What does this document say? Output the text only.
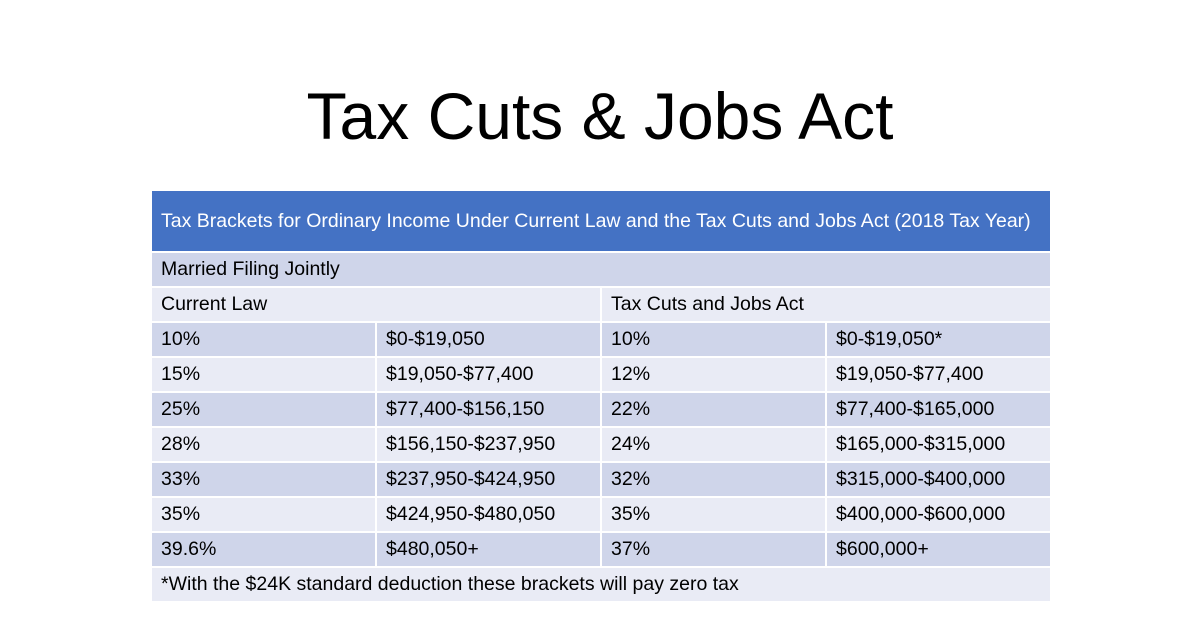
Tax Cuts & Jobs Act
Tax Brackets for Ordinary Income Under Current Law and the Tax Cuts and Jobs Act (2018 Tax Year)			
Married Filing Jointly			
Current Law		Tax Cuts and Jobs Act	
10%	$0-$19,050	10%	$0-$19,050*
15%	$19,050-$77,400	12%	$19,050-$77,400
25%	$77,400-$156,150	22%	$77,400-$165,000
28%	$156,150-$237,950	24%	$165,000-$315,000
33%	$237,950-$424,950	32%	$315,000-$400,000
35%	$424,950-$480,050	35%	$400,000-$600,000
39.6%	$480,050+	37%	$600,000+
*With the $24K standard deduction these brackets will pay zero tax			
